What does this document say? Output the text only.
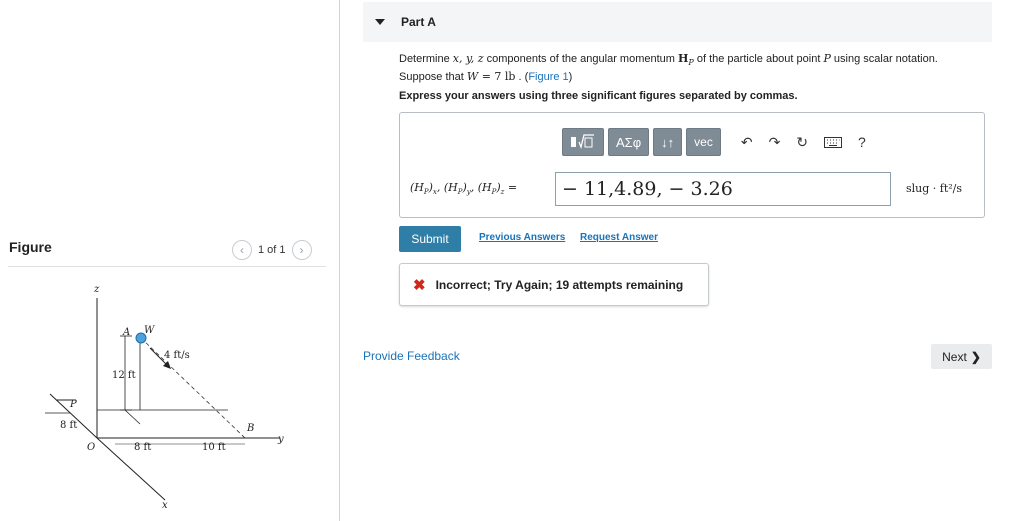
Figure	‹ 1 of 1 ›
z
A W
4 ft/s
12 ft
P
8 ft
O	8 ft	10 ft
B
y
x
Part A
Determine x, y, z components of the angular momentum $H_P$ of the particle about point P using scalar notation.
Suppose that W = 7 lb . (Figure 1)
Express your answers using three significant figures separated by commas.
ΑΣφ	↓↑	vec	↶ ↷ ↻	?
$(H_P)_x$, $(H_P)_y$, $(H_P)_z$ =	− 11,4.89, − 3.26	slug · ft²/s
Submit	Previous Answers Request Answer
✖ Incorrect; Try Again; 19 attempts remaining
Provide Feedback	Next ❯
